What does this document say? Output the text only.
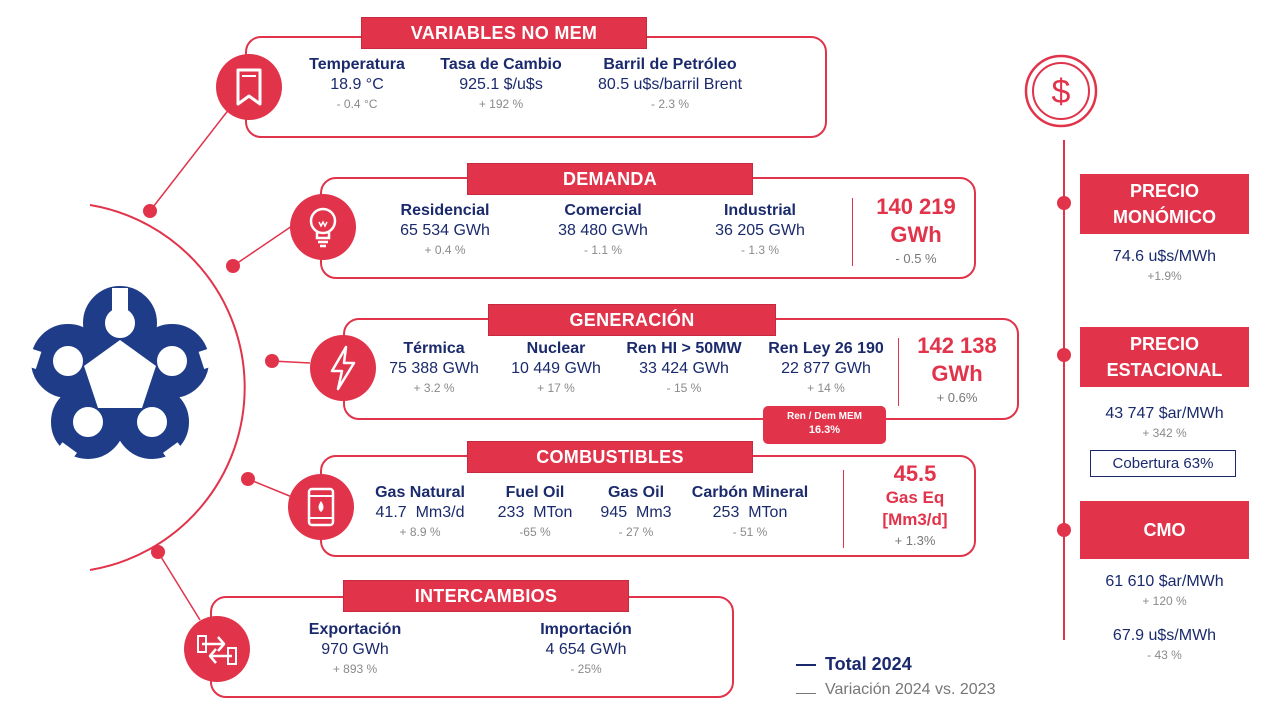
VARIABLES NO MEM
Temperatura
18.9 °C
- 0.4 °C
Tasa de Cambio
925.1 $/u$s
+ 192 %
Barril de Petróleo
80.5 u$s/barril Brent
- 2.3 %
DEMANDA
Residencial
65 534 GWh
+ 0.4 %
Comercial
38 480 GWh
- 1.1 %
Industrial
36 205 GWh
- 1.3 %
140 219
GWh
- 0.5 %
GENERACIÓN
Térmica
75 388 GWh
+ 3.2 %
Nuclear
10 449 GWh
+ 17 %
Ren HI > 50MW
33 424 GWh
- 15 %
Ren Ley 26 190
22 877 GWh
+ 14 %
142 138
GWh
+ 0.6%
Ren / Dem MEM
16.3%
COMBUSTIBLES
Gas Natural
41.7  Mm3/d
+ 8.9 %
Fuel Oil
233  MTon
-65 %
Gas Oil
945  Mm3
- 27 %
Carbón Mineral
253  MTon
- 51 %
45.5
Gas Eq
[Mm3/d]
+ 1.3%
INTERCAMBIOS
Exportación
970 GWh
+ 893 %
Importación
4 654 GWh
- 25%	Total 2024
Variación 2024 vs. 2023
$
PRECIO
MONÓMICO
74.6 u$s/MWh
+1.9%
PRECIO
ESTACIONAL
43 747 $ar/MWh
+ 342 %
Cobertura 63%
CMO
61 610 $ar/MWh
+ 120 %
67.9 u$s/MWh
- 43 %
